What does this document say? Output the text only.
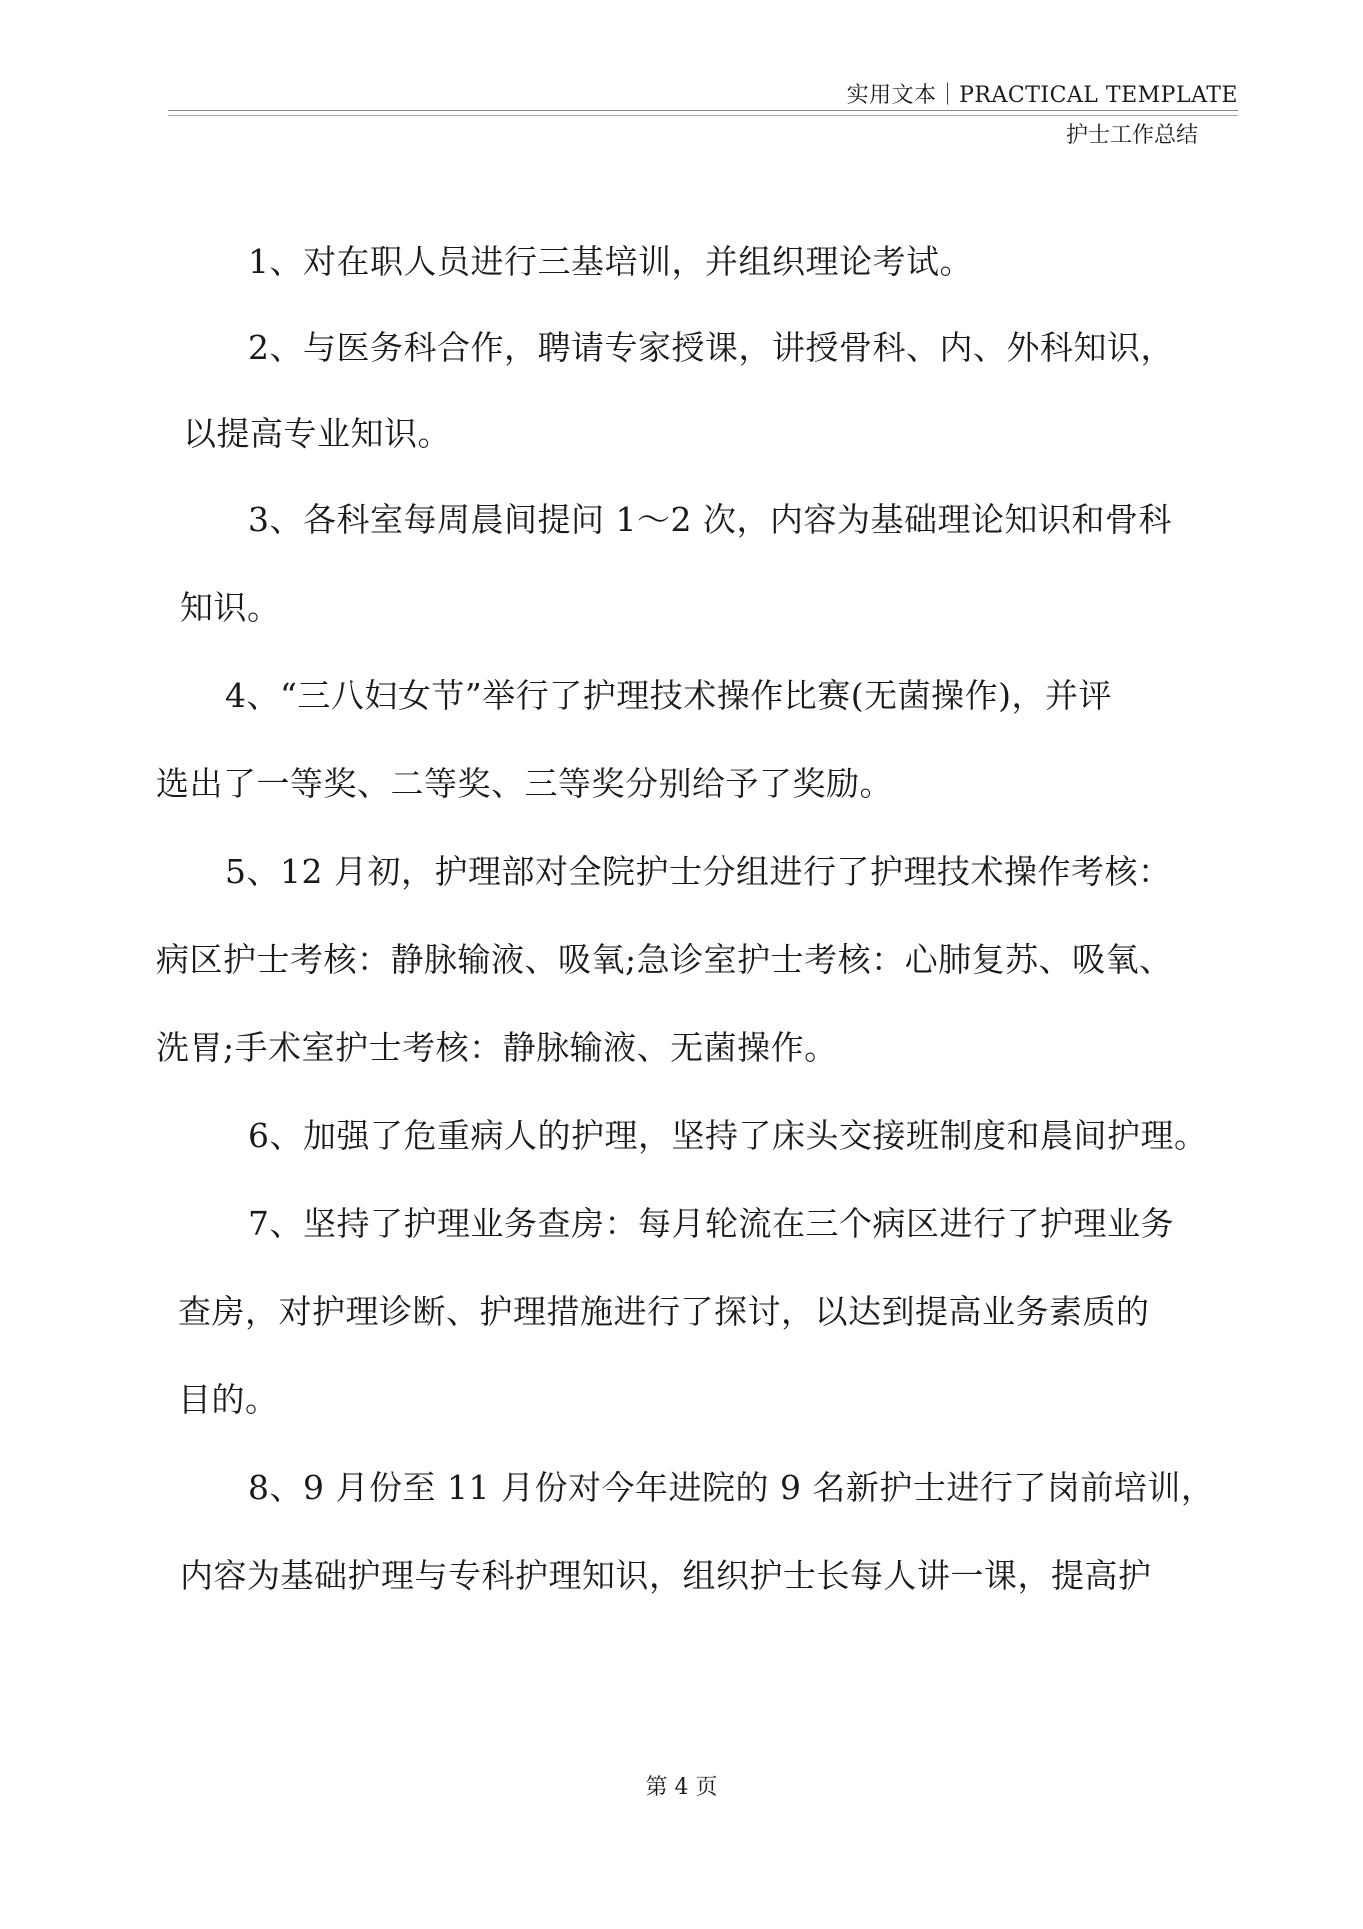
实用文本｜PRACTICAL TEMPLATE
护士工作总结
1、对在职人员进行三基培训，并组织理论考试。
2、与医务科合作，聘请专家授课，讲授骨科、内、外科知识，
以提高专业知识。
3、各科室每周晨间提问 1～2 次，内容为基础理论知识和骨科
知识。
4、“三八妇女节”举行了护理技术操作比赛(无菌操作)，并评
选出了一等奖、二等奖、三等奖分别给予了奖励。
5、12 月初，护理部对全院护士分组进行了护理技术操作考核：
病区护士考核：静脉输液、吸氧;急诊室护士考核：心肺复苏、吸氧、
洗胃;手术室护士考核：静脉输液、无菌操作。
6、加强了危重病人的护理，坚持了床头交接班制度和晨间护理。
7、坚持了护理业务查房：每月轮流在三个病区进行了护理业务
查房，对护理诊断、护理措施进行了探讨，以达到提高业务素质的
目的。
8、9 月份至 11 月份对今年进院的 9 名新护士进行了岗前培训，
内容为基础护理与专科护理知识，组织护士长每人讲一课，提高护
第 4 页
